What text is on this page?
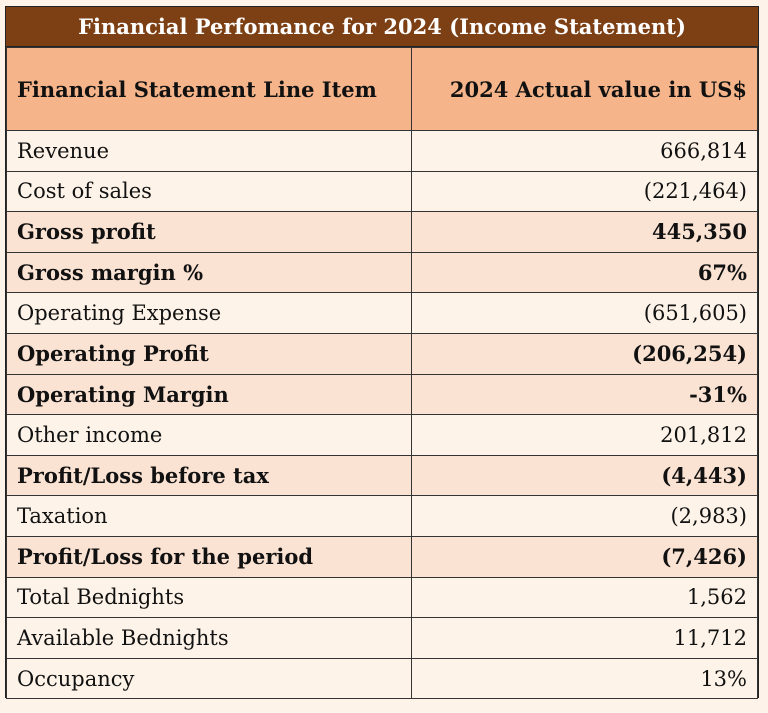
Financial Perfomance for 2024 (Income Statement)
Financial Statement Line Item	2024 Actual value in US$
Revenue	666,814
Cost of sales	(221,464)
Gross profit	445,350
Gross margin %	67%
Operating Expense	(651,605)
Operating Profit	(206,254)
Operating Margin	-31%
Other income	201,812
Profit/Loss before tax	(4,443)
Taxation	(2,983)
Profit/Loss for the period	(7,426)
Total Bednights	1,562
Available Bednights	11,712
Occupancy	13%
